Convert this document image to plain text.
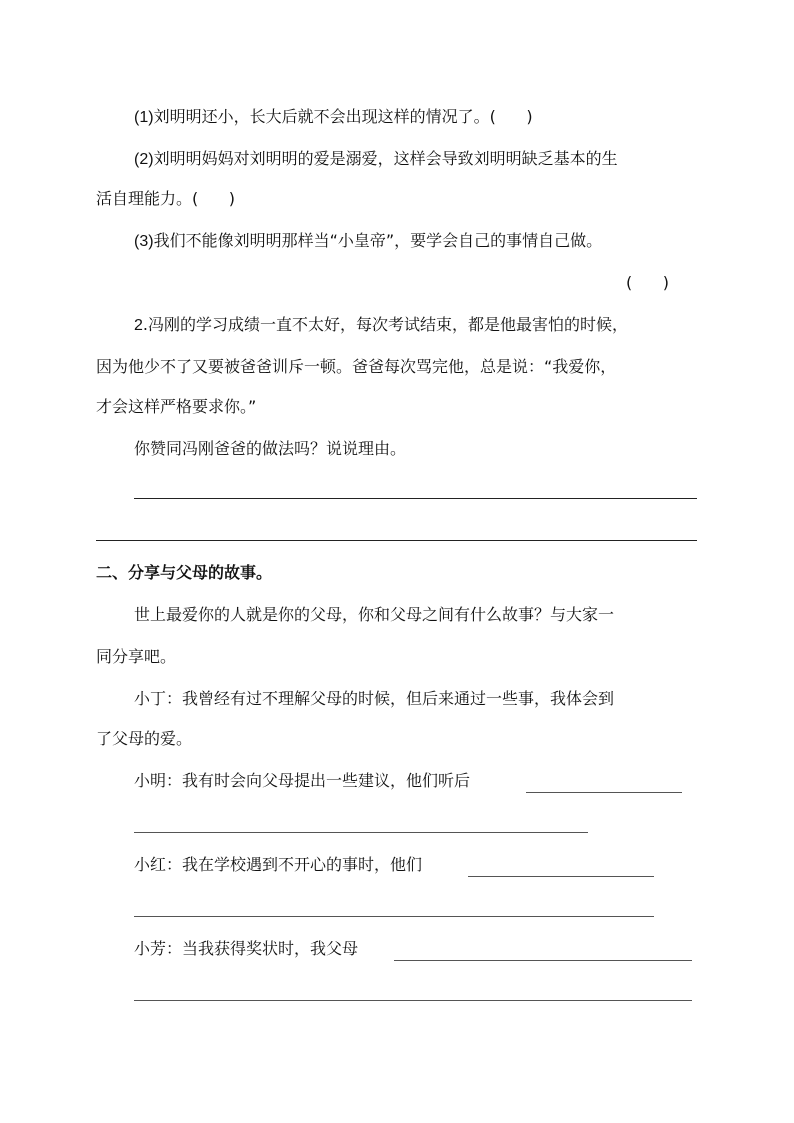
(1)刘明明还小，长大后就不会出现这样的情况了。(      )
(2)刘明明妈妈对刘明明的爱是溺爱，这样会导致刘明明缺乏基本的生
活自理能力。(      )
(3)我们不能像刘明明那样当“小皇帝”，要学会自己的事情自己做。
(      )
2.冯刚的学习成绩一直不太好，每次考试结束，都是他最害怕的时候，
因为他少不了又要被爸爸训斥一顿。爸爸每次骂完他，总是说：“我爱你，
才会这样严格要求你。”
你赞同冯刚爸爸的做法吗？说说理由。
二、分享与父母的故事。
世上最爱你的人就是你的父母，你和父母之间有什么故事？与大家一
同分享吧。
小丁：我曾经有过不理解父母的时候，但后来通过一些事，我体会到
了父母的爱。
小明：我有时会向父母提出一些建议，他们听后
小红：我在学校遇到不开心的事时，他们
小芳：当我获得奖状时，我父母
